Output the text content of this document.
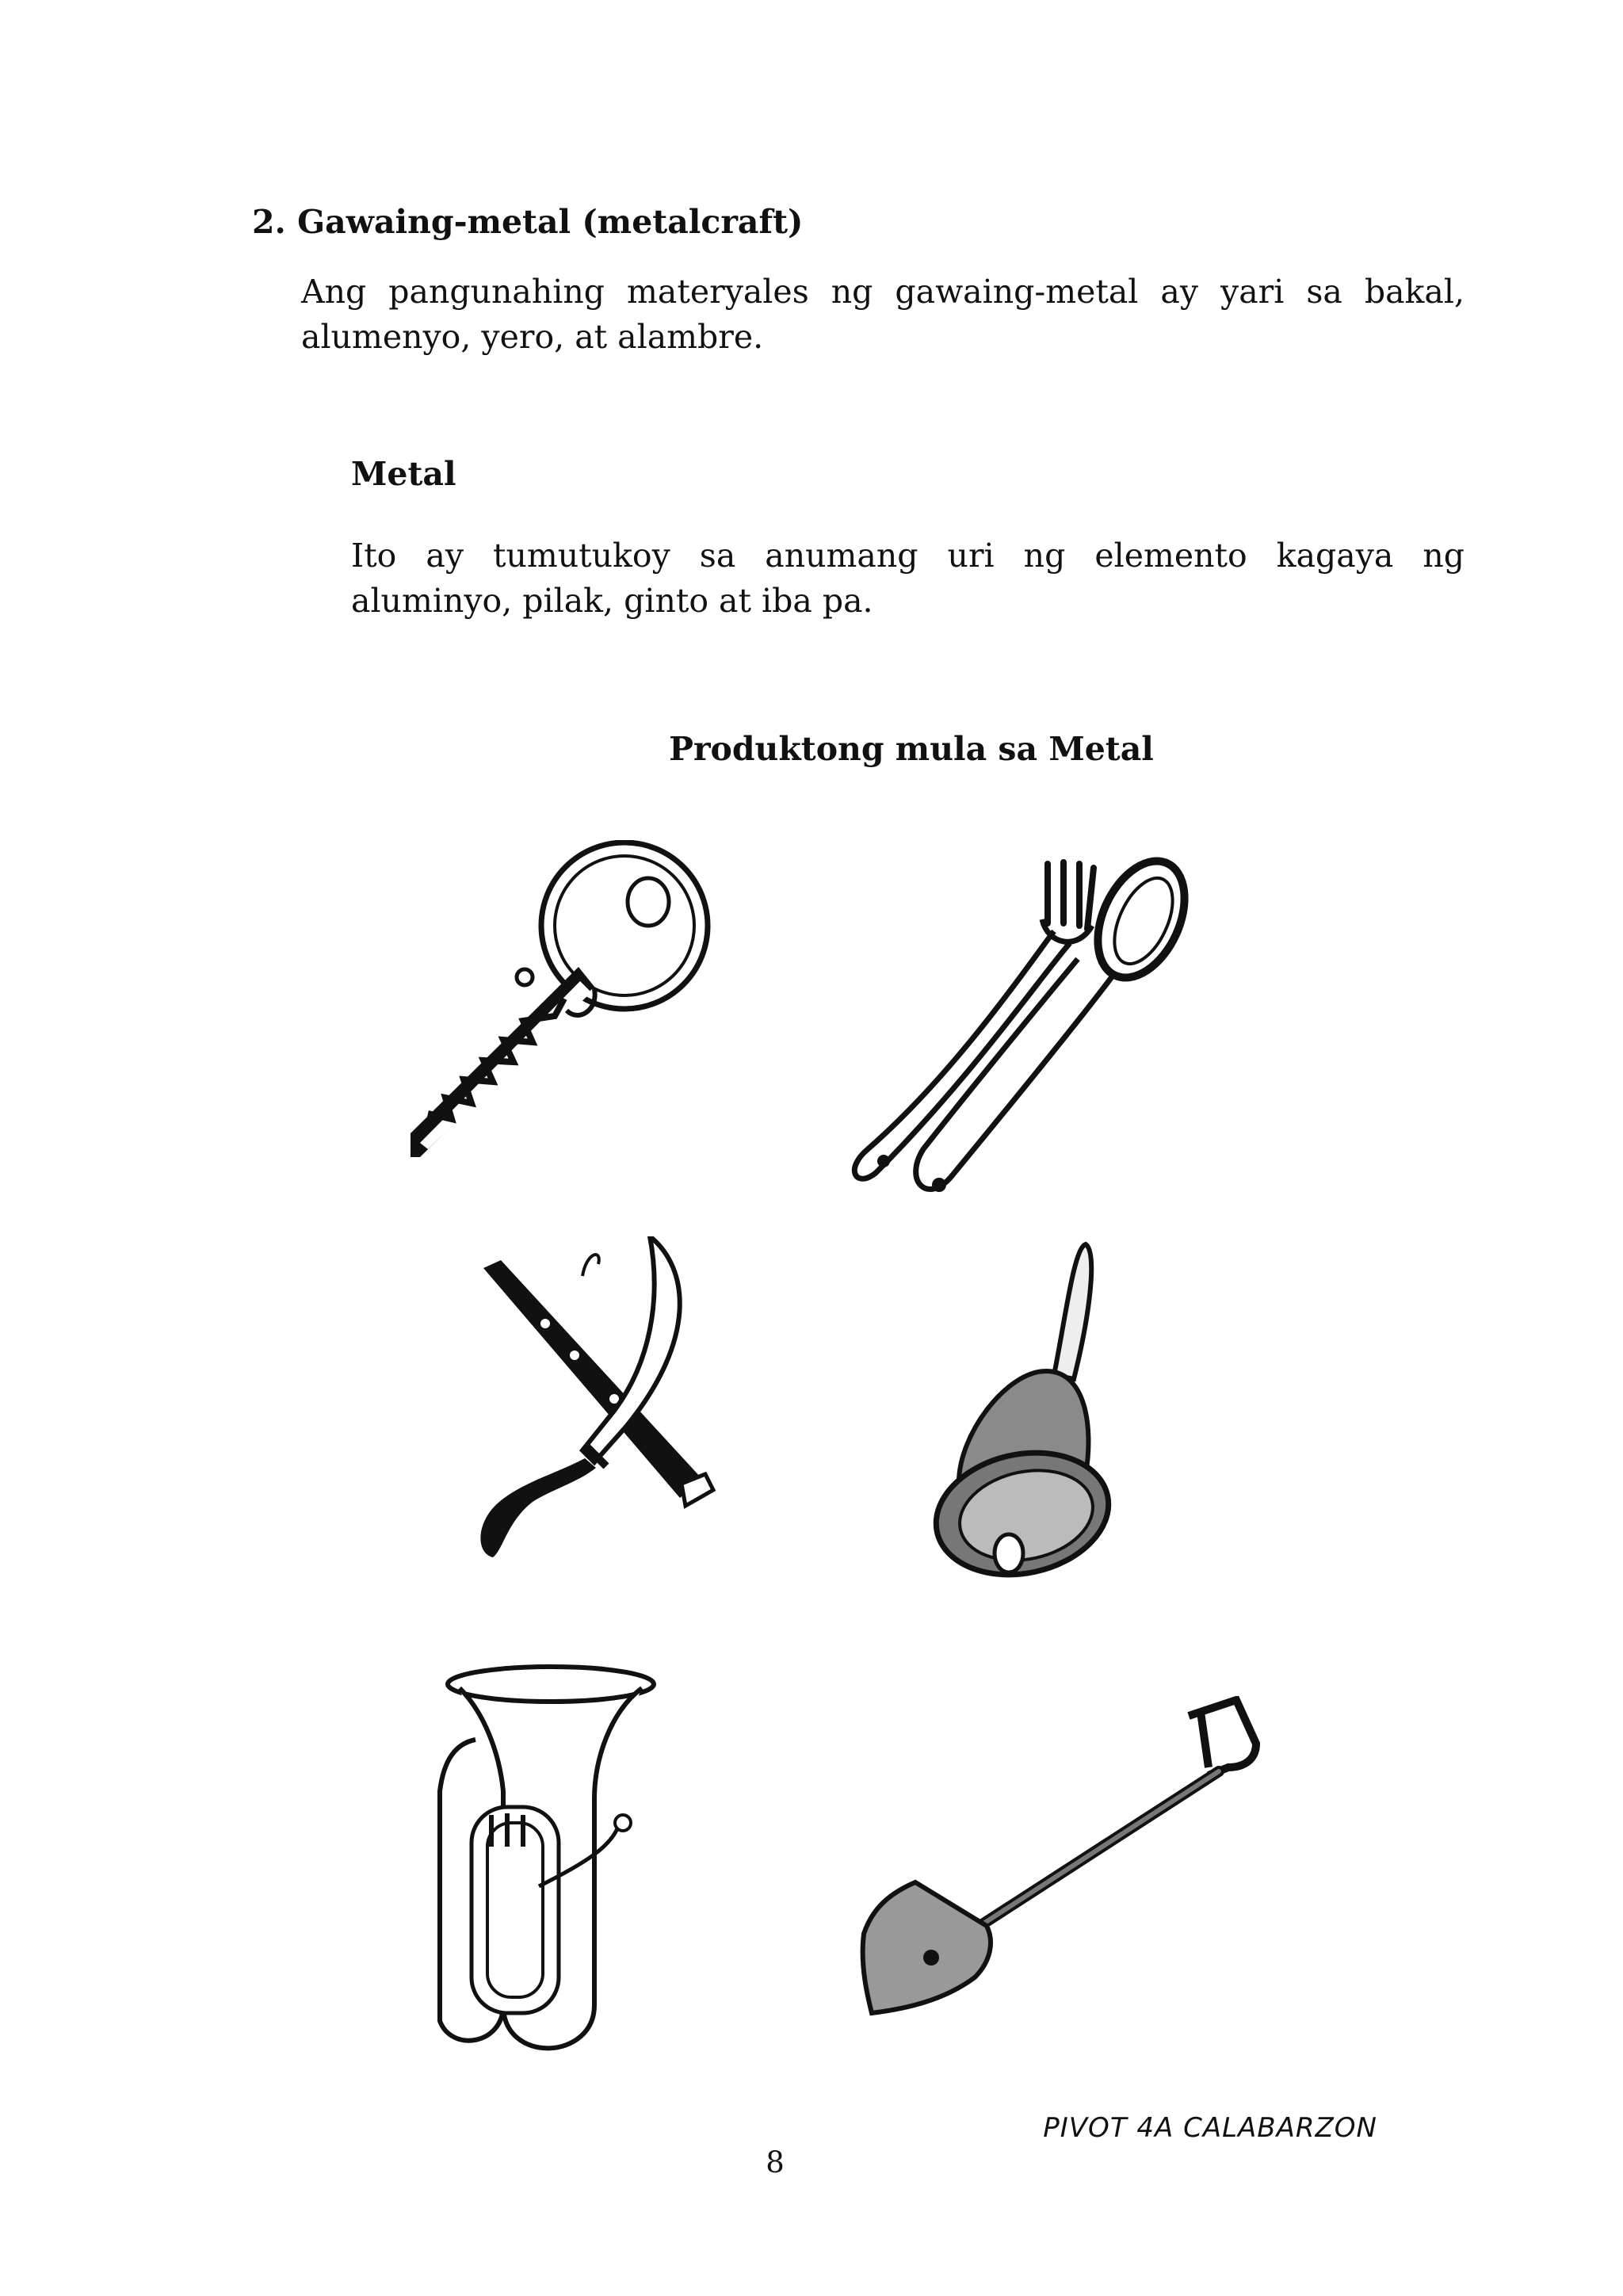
2. Gawaing-metal (metalcraft)

Ang pangunahing materyales ng gawaing-metal ay yari sa bakal, alumenyo, yero, at alambre.

Metal

Ito ay tumutukoy sa anumang uri ng elemento kagaya ng aluminyo, pilak, ginto at iba pa.

Produktong mula sa Metal
PIVOT 4A CALABARZON
8
